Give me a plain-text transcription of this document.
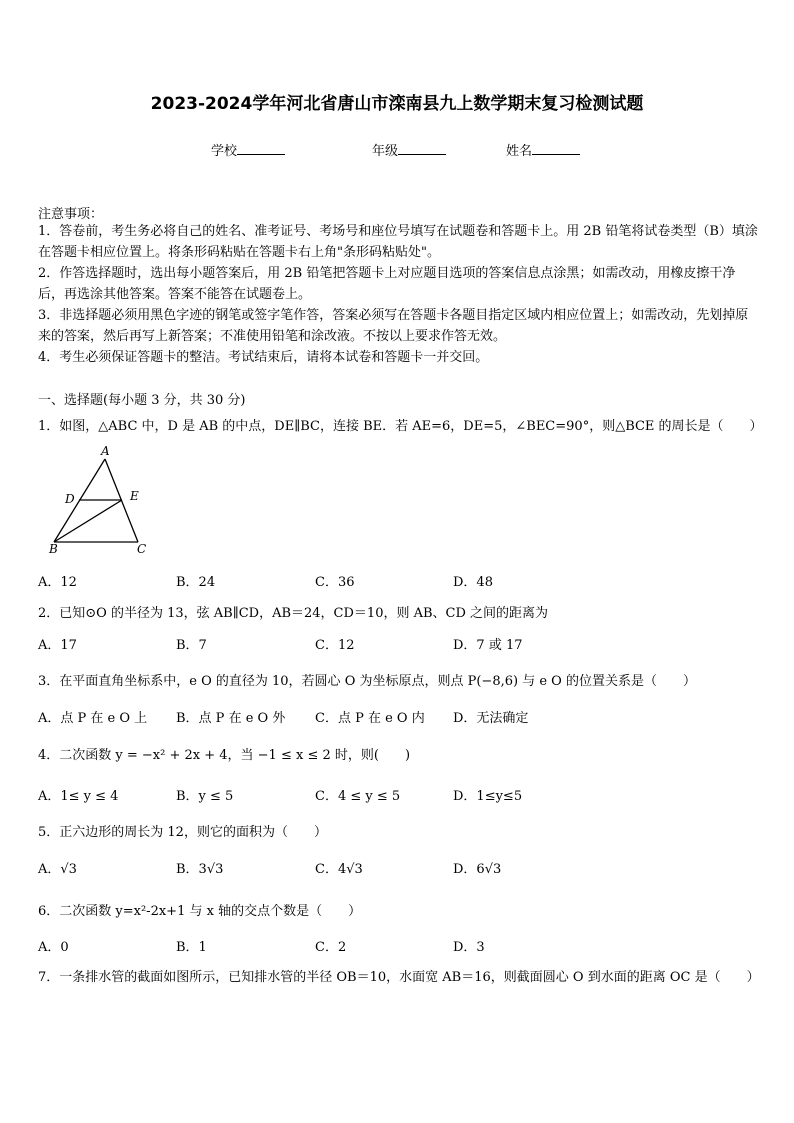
2023-2024学年河北省唐山市滦南县九上数学期末复习检测试题
学校	年级	姓名
注意事项：
1．答卷前，考生务必将自己的姓名、准考证号、考场号和座位号填写在试题卷和答题卡上。用 2B 铅笔将试卷类型（B）填涂在答题卡相应位置上。将条形码粘贴在答题卡右上角"条形码粘贴处"。
2．作答选择题时，选出每小题答案后，用 2B 铅笔把答题卡上对应题目选项的答案信息点涂黑；如需改动，用橡皮擦干净后，再选涂其他答案。答案不能答在试题卷上。
3．非选择题必须用黑色字迹的钢笔或签字笔作答，答案必须写在答题卡各题目指定区域内相应位置上；如需改动，先划掉原来的答案，然后再写上新答案；不准使用铅笔和涂改液。不按以上要求作答无效。
4．考生必须保证答题卡的整洁。考试结束后，请将本试卷和答题卡一并交回。
一、选择题(每小题 3 分，共 30 分)
1．如图，△ABC 中，D 是 AB 的中点，DE∥BC，连接 BE．若 AE=6，DE=5，∠BEC=90°，则△BCE 的周长是（　　）
A
D	E
B	C
A．12	B．24	C．36	D．48
2．已知⊙O 的半径为 13，弦 AB∥CD，AB＝24，CD＝10，则 AB、CD 之间的距离为
A．17	B．7	C．12	D．7 或 17
3．在平面直角坐标系中，e O 的直径为 10，若圆心 O 为坐标原点，则点 P(−8,6) 与 e O 的位置关系是（　　）
A．点 P 在 e O 上 B．点 P 在 e O 外 C．点 P 在 e O 内 D．无法确定
4．二次函数 y = −x² + 2x + 4，当 −1 ≤ x ≤ 2 时，则(　　)
A．1≤ y ≤ 4	B．y ≤ 5	C．4 ≤ y ≤ 5	D．1≤y≤5
5．正六边形的周长为 12，则它的面积为（　　）
A．√3	B．3√3	C．4√3	D．6√3
6．二次函数 y=x²-2x+1 与 x 轴的交点个数是（　　）
A．0	B．1	C．2	D．3
7．一条排水管的截面如图所示，已知排水管的半径 OB＝10，水面宽 AB＝16，则截面圆心 O 到水面的距离 OC 是（　　）
